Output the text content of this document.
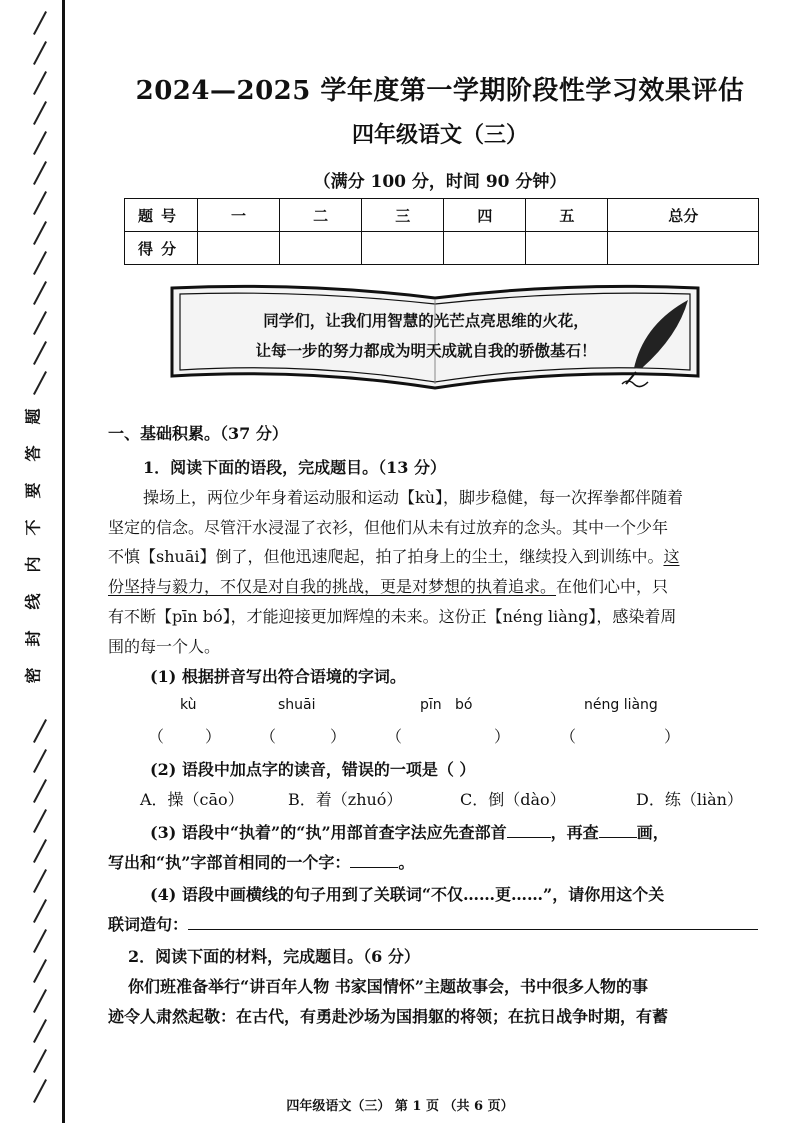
题
答
要
不
内
线
封
密
2024—2025 学年度第一学期阶段性学习效果评估
四年级语文（三）
（满分 100 分，时间 90 分钟）
题号	一	二	三	四	五	总分
得分						
同学们，让我们用智慧的光芒点亮思维的火花，
让每一步的努力都成为明天成就自我的骄傲基石！
一、基础积累。（37 分）
1．阅读下面的语段，完成题目。（13 分）
操场上，两位少年身着运动服和运动【kù】，脚步稳健，每一次挥拳都伴随着
坚定的信念。尽管汗水浸湿了衣衫，但他们从未有过放弃的念头。其中一个少年
不慎【shuāi】倒了，但他迅速爬起，拍了拍身上的尘土，继续投入到训练中。这
份坚持与毅力，不仅是对自我的挑战，更是对梦想的执着追求。在他们心中，只
有不断【pīn bó】，才能迎接更加辉煌的未来。这份正【néng liàng】，感染着周
围的每一个人。
(1) 根据拼音写出符合语境的字词。
kù	shuāi	pīn   bó	néng liàng
（	） （	） （	）	（	）
(2) 语段中加点字的读音，错误的一项是（ ）
A．操（cāo）	B．着（zhuó）	C．倒（dào）	D．练（liàn）
(3) 语段中“执着”的“执”用部首查字法应先查部首	，再查 画，
写出和“执”字部首相同的一个字：	。
(4) 语段中画横线的句子用到了关联词“不仅……更……”，请你用这个关
联词造句：
2．阅读下面的材料，完成题目。（6 分）
你们班准备举行“讲百年人物 书家国情怀”主题故事会，书中很多人物的事
迹令人肃然起敬：在古代，有勇赴沙场为国捐躯的将领；在抗日战争时期，有蓄
四年级语文（三） 第 1 页 （共 6 页）
